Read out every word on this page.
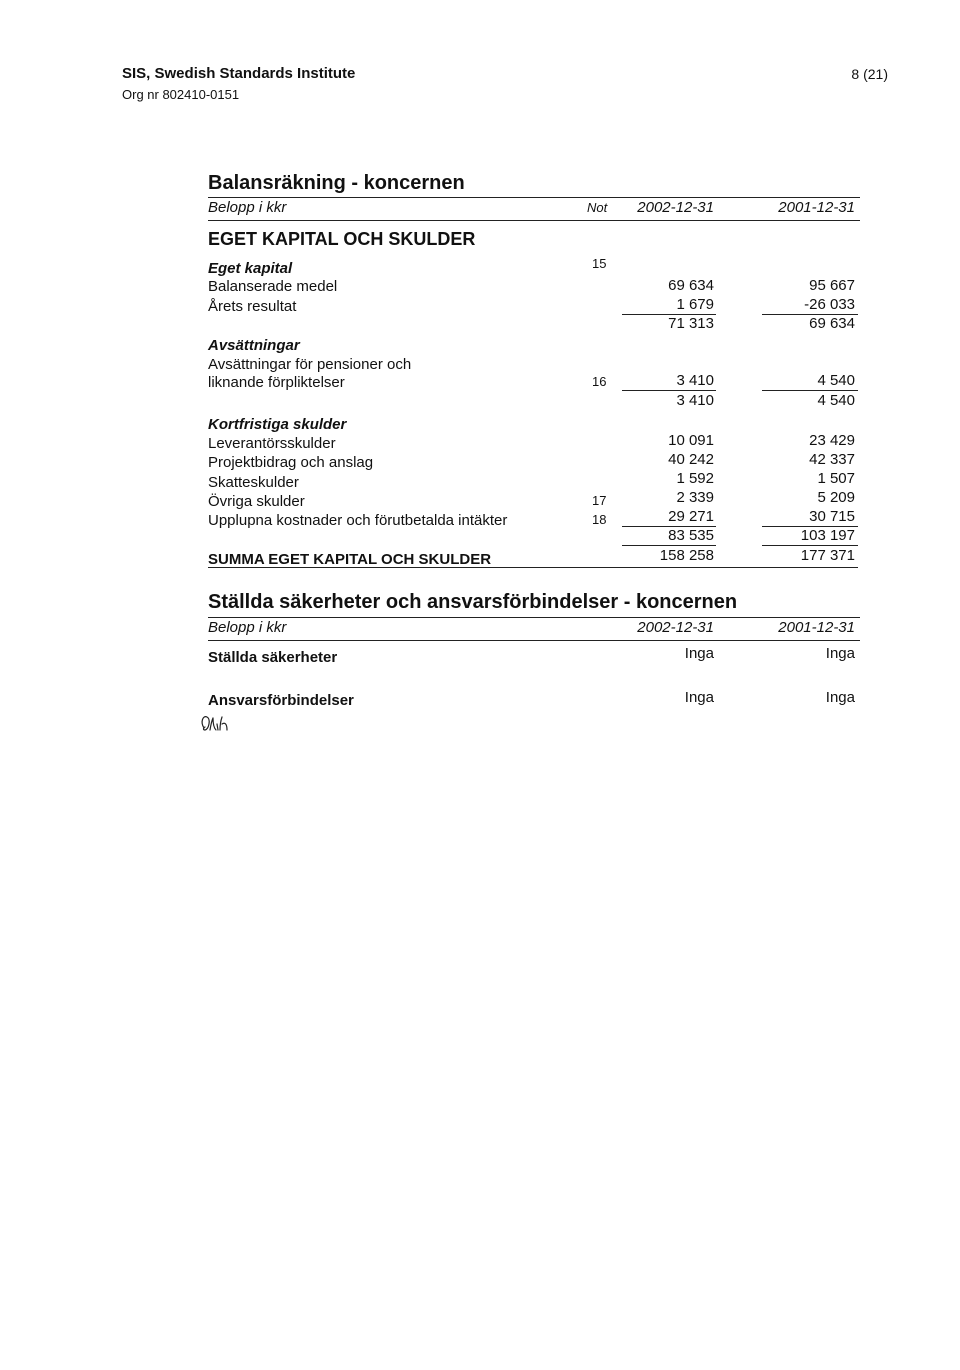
SIS, Swedish Standards Institute
Org nr 802410-0151
8 (21)
Balansräkning - koncernen
Belopp i kkr	Not	2002-12-31	2001-12-31
EGET KAPITAL OCH SKULDER
Eget kapital	15
Balanserade medel	69 634	95 667
Årets resultat	1 679	-26 033
71 313	69 634
Avsättningar
Avsättningar för pensioner och
liknande förpliktelser	16	3 410	4 540
3 410	4 540
Kortfristiga skulder
Leverantörsskulder	10 091	23 429
Projektbidrag och anslag	40 242	42 337
Skatteskulder	1 592	1 507
Övriga skulder	17	2 339	5 209
Upplupna kostnader och förutbetalda intäkter	18	29 271	30 715
83 535	103 197
SUMMA EGET KAPITAL OCH SKULDER	158 258	177 371
Ställda säkerheter och ansvarsförbindelser - koncernen
Belopp i kkr	2002-12-31	2001-12-31
Ställda säkerheter	Inga	Inga
Ansvarsförbindelser	Inga	Inga
